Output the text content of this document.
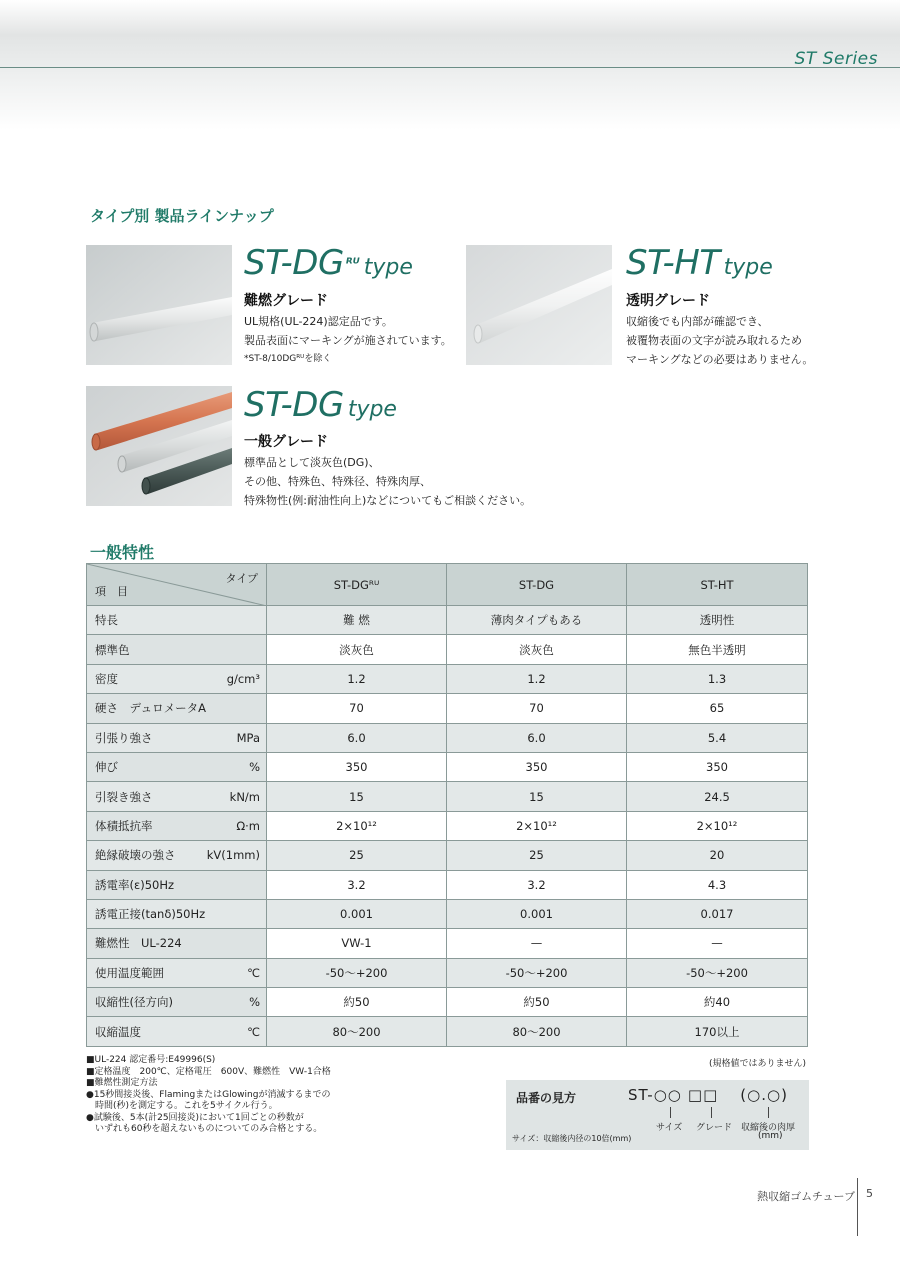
ST Series
タイプ別 製品ラインナップ
ST-DG ᴿᵁ type
難燃グレード
UL規格(UL-224)認定品です。
製品表面にマーキングが施されています。
*ST-8/10DGᴿᵁを除く
ST-HT type
透明グレード
収縮後でも内部が確認でき、
被覆物表面の文字が読み取れるため
マーキングなどの必要はありません。
ST-DG type
一般グレード
標準品として淡灰色(DG)、
その他、特殊色、特殊径、特殊肉厚、
特殊物性(例:耐油性向上)などについてもご相談ください。
一般特性
タイプ
項　目	ST-DGᴿᵁ	ST-DG	ST-HT
特長	難 燃	薄肉タイプもある	透明性
標準色	淡灰色	淡灰色	無色半透明
密度 g/cm³	1.2	1.2	1.3
硬さ　デュロメータA	70	70	65
引張り強さ MPa	6.0	6.0	5.4
伸び %	350	350	350
引裂き強さ kN/m	15	15	24.5
体積抵抗率 Ω·m	2×10¹²	2×10¹²	2×10¹²
絶縁破壊の強さ kV(1mm)	25	25	20
誘電率(ε)50Hz	3.2	3.2	4.3
誘電正接(tanδ)50Hz	0.001	0.001	0.017
難燃性　UL-224	VW-1	—	—
使用温度範囲 ℃	-50～+200	-50～+200	-50～+200
収縮性(径方向) %	約50	約50	約40
収縮温度 ℃	80～200	80～200	170以上
(規格値ではありません)
■UL-224 認定番号:E49996(S)
■定格温度　200℃、定格電圧　600V、難燃性　VW-1合格
■難燃性測定方法
●15秒間接炎後、FlamingまたはGlowingが消滅するまでの
　時間(秒)を測定する。これを5サイクル行う。
●試験後、5本(計25回接炎)において1回ごとの秒数が
　いずれも60秒を超えないものについてのみ合格とする。
品番の見方	ST-○○ □□ (○.○)
サイズ グレード 収縮後の肉厚
(mm)
サイズ：収縮後内径の10倍(mm)
熱収縮ゴムチューブ 5
